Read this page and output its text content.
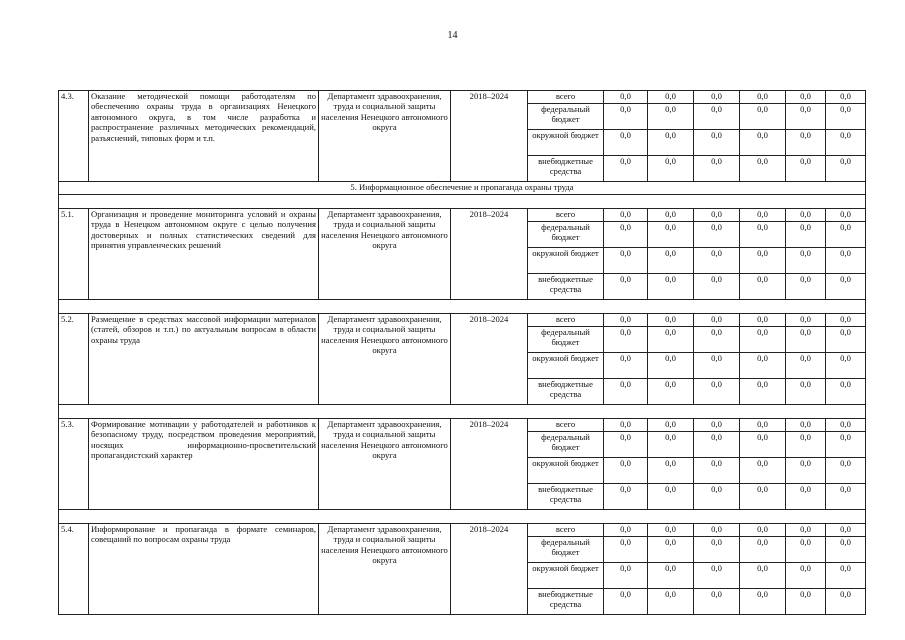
14
4.3.	Оказание методической помощи работодателям по обеспечению охраны труда в организациях Ненецкого автономного округа, в том числе разработка и распространение различных методических рекомендаций, разъяснений, типовых форм и т.п.	Департамент здравоохранения, труда и социальной защиты населения Ненецкого автономного округа	2018–2024	всего	0,0	0,0	0,0	0,0	0,0	0,0
				федеральный бюджет	0,0	0,0	0,0	0,0	0,0	0,0
				окружной бюджет	0,0	0,0	0,0	0,0	0,0	0,0
				внебюджетные средства	0,0	0,0	0,0	0,0	0,0	0,0
5. Информационное обеспечение и пропаганда охраны труда										

5.1.	Организация и проведение мониторинга условий и охраны труда в Ненецком автономном округе с целью получения достоверных и полных статистических сведений для принятия управленческих решений	Департамент здравоохранения, труда и социальной защиты населения Ненецкого автономного округа	2018–2024	всего	0,0	0,0	0,0	0,0	0,0	0,0
				федеральный бюджет	0,0	0,0	0,0	0,0	0,0	0,0
				окружной бюджет	0,0	0,0	0,0	0,0	0,0	0,0
				внебюджетные средства	0,0	0,0	0,0	0,0	0,0	0,0

5.2.	Размещение в средствах массовой информации материалов (статей, обзоров и т.п.) по актуальным вопросам в области охраны труда	Департамент здравоохранения, труда и социальной защиты населения Ненецкого автономного округа	2018–2024	всего	0,0	0,0	0,0	0,0	0,0	0,0
				федеральный бюджет	0,0	0,0	0,0	0,0	0,0	0,0
				окружной бюджет	0,0	0,0	0,0	0,0	0,0	0,0
				внебюджетные средства	0,0	0,0	0,0	0,0	0,0	0,0

5.3.	Формирование мотивации у работодателей и работников к безопасному труду, посредством проведения мероприятий, носящих информационно-просветительский пропагандистский характер	Департамент здравоохранения, труда и социальной защиты населения Ненецкого автономного округа	2018–2024	всего	0,0	0,0	0,0	0,0	0,0	0,0
				федеральный бюджет	0,0	0,0	0,0	0,0	0,0	0,0
				окружной бюджет	0,0	0,0	0,0	0,0	0,0	0,0
				внебюджетные средства	0,0	0,0	0,0	0,0	0,0	0,0

5.4.	Информирование и пропаганда в формате семинаров, совещаний по вопросам охраны труда	Департамент здравоохранения, труда и социальной защиты населения Ненецкого автономного округа	2018–2024	всего	0,0	0,0	0,0	0,0	0,0	0,0
				федеральный бюджет	0,0	0,0	0,0	0,0	0,0	0,0
				окружной бюджет	0,0	0,0	0,0	0,0	0,0	0,0
				внебюджетные средства	0,0	0,0	0,0	0,0	0,0	0,0
